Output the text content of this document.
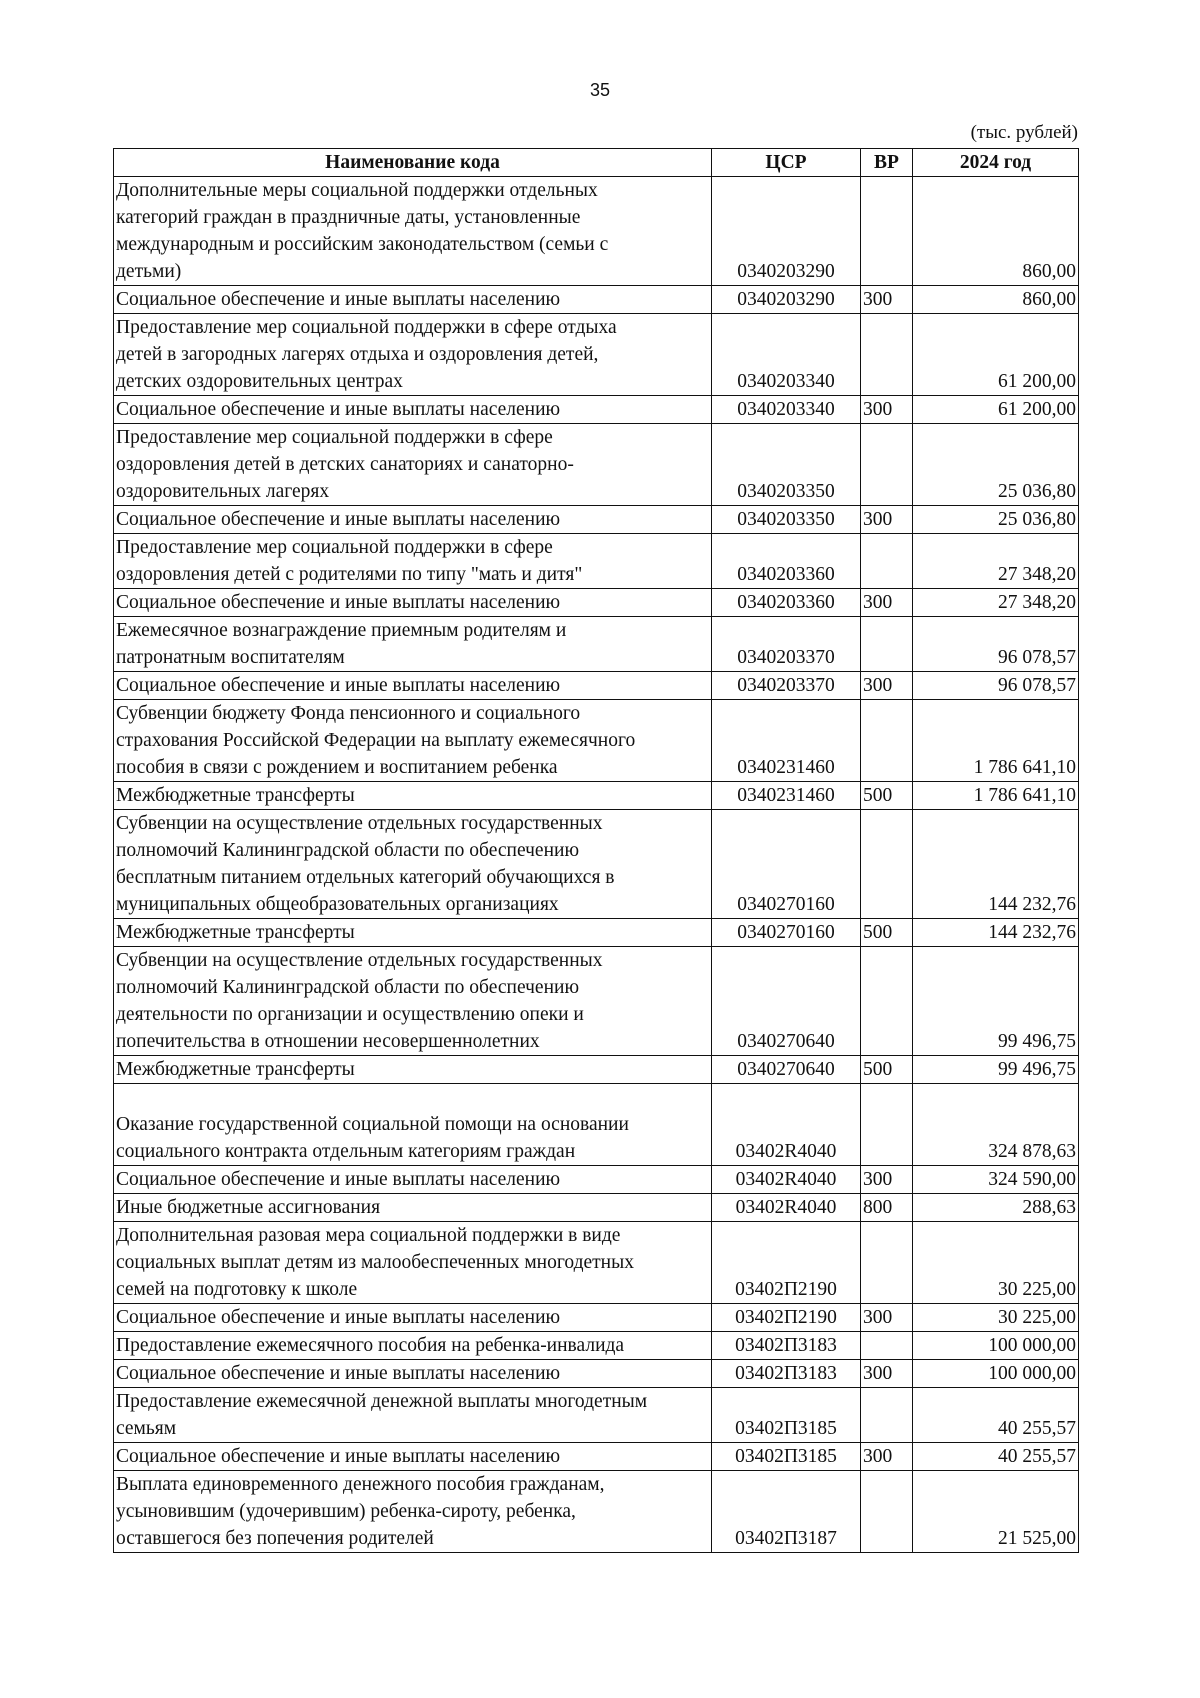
35
(тыс. рублей)
Наименование кода	ЦСР	ВР	2024 год
Дополнительные меры социальной поддержки отдельных
категорий граждан в праздничные даты, установленные
международным и российским законодательством (семьи с
детьми)	0340203290		860,00
Социальное обеспечение и иные выплаты населению	0340203290	300	860,00
Предоставление мер социальной поддержки в сфере отдыха
детей в загородных лагерях отдыха и оздоровления детей,
детских оздоровительных центрах	0340203340		61 200,00
Социальное обеспечение и иные выплаты населению	0340203340	300	61 200,00
Предоставление мер социальной поддержки в сфере
оздоровления детей в детских санаториях и санаторно-
оздоровительных лагерях	0340203350		25 036,80
Социальное обеспечение и иные выплаты населению	0340203350	300	25 036,80
Предоставление мер социальной поддержки в сфере
оздоровления детей с родителями по типу "мать и дитя"	0340203360		27 348,20
Социальное обеспечение и иные выплаты населению	0340203360	300	27 348,20
Ежемесячное вознаграждение приемным родителям и
патронатным воспитателям	0340203370		96 078,57
Социальное обеспечение и иные выплаты населению	0340203370	300	96 078,57
Субвенции бюджету Фонда пенсионного и социального
страхования Российской Федерации на выплату ежемесячного
пособия в связи с рождением и воспитанием ребенка	0340231460		1 786 641,10
Межбюджетные трансферты	0340231460	500	1 786 641,10
Субвенции на осуществление отдельных государственных
полномочий Калининградской области по обеспечению
бесплатным питанием отдельных категорий обучающихся в
муниципальных общеобразовательных организациях	0340270160		144 232,76
Межбюджетные трансферты	0340270160	500	144 232,76
Субвенции на осуществление отдельных государственных
полномочий Калининградской области по обеспечению
деятельности по организации и осуществлению опеки и
попечительства в отношении несовершеннолетних	0340270640		99 496,75
Межбюджетные трансферты	0340270640	500	99 496,75
Оказание государственной социальной помощи на основании
социального контракта отдельным категориям граждан	03402R4040		324 878,63
Социальное обеспечение и иные выплаты населению	03402R4040	300	324 590,00
Иные бюджетные ассигнования	03402R4040	800	288,63
Дополнительная разовая мера социальной поддержки в виде
социальных выплат детям из малообеспеченных многодетных
семей на подготовку к школе	03402П2190		30 225,00
Социальное обеспечение и иные выплаты населению	03402П2190	300	30 225,00
Предоставление ежемесячного пособия на ребенка-инвалида	03402П3183		100 000,00
Социальное обеспечение и иные выплаты населению	03402П3183	300	100 000,00
Предоставление ежемесячной денежной выплаты многодетным
семьям	03402П3185		40 255,57
Социальное обеспечение и иные выплаты населению	03402П3185	300	40 255,57
Выплата единовременного денежного пособия гражданам,
усыновившим (удочерившим) ребенка-сироту, ребенка,
оставшегося без попечения родителей	03402П3187		21 525,00
